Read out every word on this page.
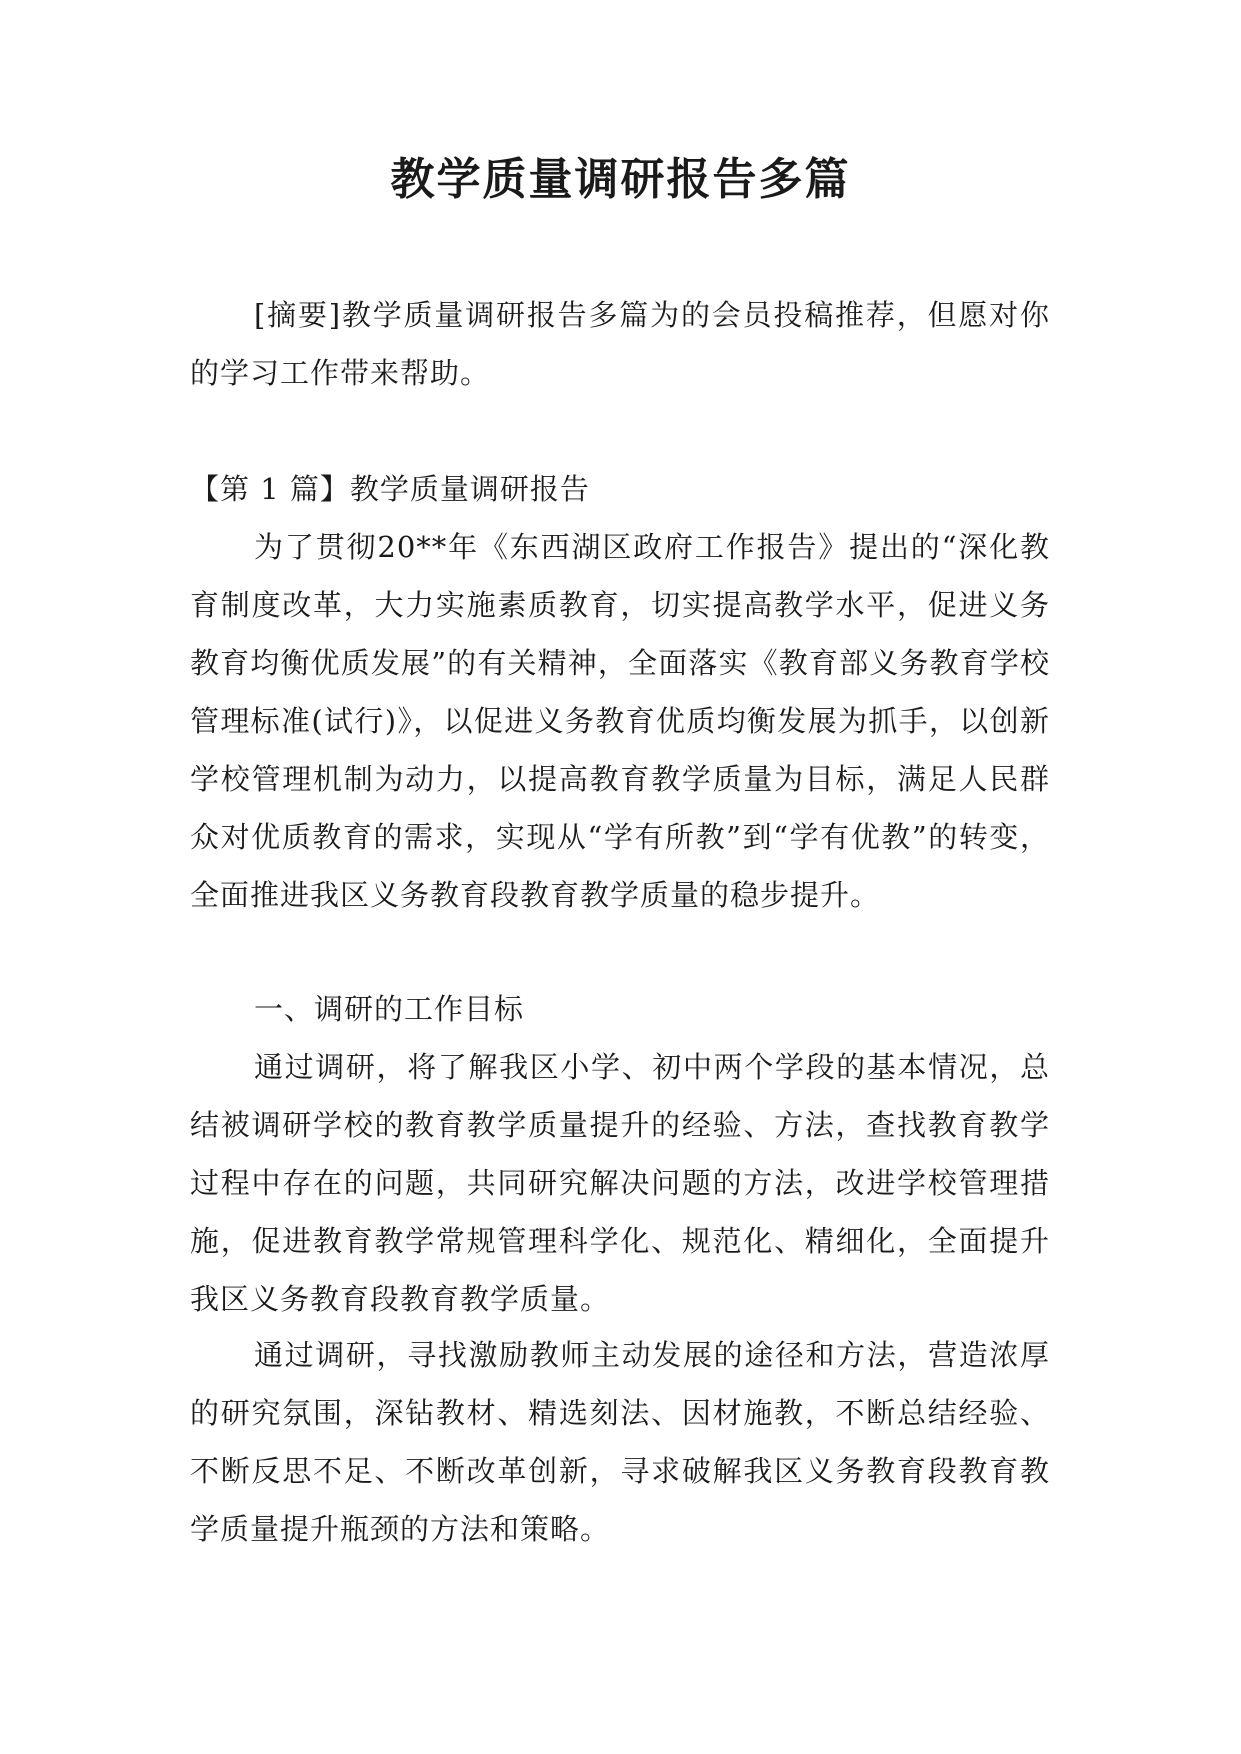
教学质量调研报告多篇

[摘要]教学质量调研报告多篇为的会员投稿推荐，但愿对你的学习工作带来帮助。

【第 1 篇】教学质量调研报告

为了贯彻20**年《东西湖区政府工作报告》提出的“深化教育制度改革，大力实施素质教育，切实提高教学水平，促进义务教育均衡优质发展”的有关精神，全面落实《教育部义务教育学校管理标准(试行)》，以促进义务教育优质均衡发展为抓手，以创新学校管理机制为动力，以提高教育教学质量为目标，满足人民群众对优质教育的需求，实现从“学有所教”到“学有优教”的转变，全面推进我区义务教育段教育教学质量的稳步提升。

一、调研的工作目标

通过调研，将了解我区小学、初中两个学段的基本情况，总结被调研学校的教育教学质量提升的经验、方法，查找教育教学过程中存在的问题，共同研究解决问题的方法，改进学校管理措施，促进教育教学常规管理科学化、规范化、精细化，全面提升我区义务教育段教育教学质量。

通过调研，寻找激励教师主动发展的途径和方法，营造浓厚的研究氛围，深钻教材、精选刻法、因材施教，不断总结经验、不断反思不足、不断改革创新，寻求破解我区义务教育段教育教学质量提升瓶颈的方法和策略。
